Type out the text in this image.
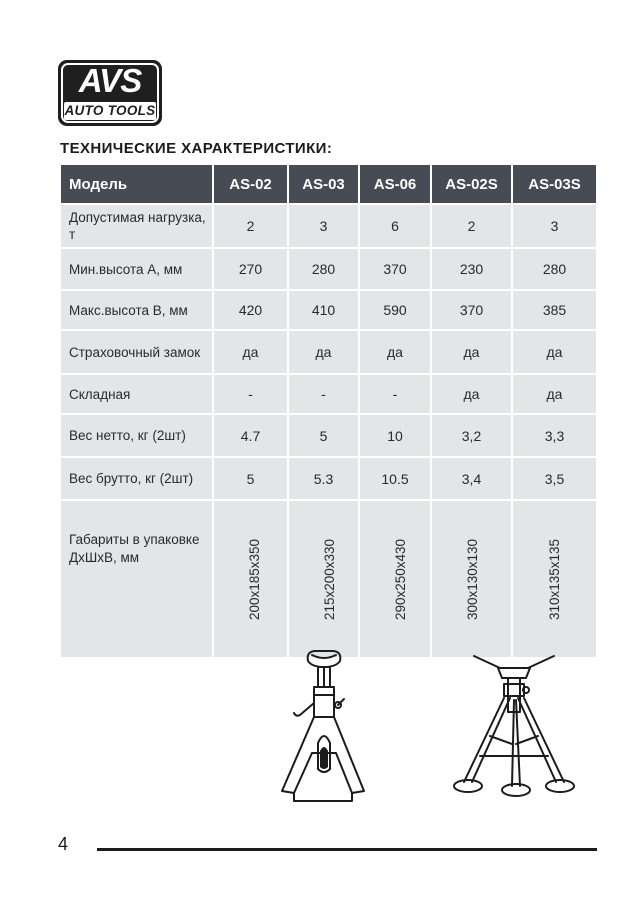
AVS
AUTO TOOLS
ТЕХНИЧЕСКИЕ ХАРАКТЕРИСТИКИ:
Модель	AS-02	AS-03	AS-06	AS-02S	AS-03S
Допустимая нагрузка, т	2	3	6	2	3
Мин.высота А, мм	270	280	370	230	280
Макс.высота В, мм	420	410	590	370	385
Страховочный замок	да	да	да	да	да
Складная	-	-	-	да	да
Вес нетто, кг (2шт)	4.7	5	10	3,2	3,3
Вес брутто, кг (2шт)	5	5.3	10.5	3,4	3,5
Габариты в упаковке ДхШхВ, мм	200x185x350	215x200x330	290x250x430	300x130x130	310x135x135
4
